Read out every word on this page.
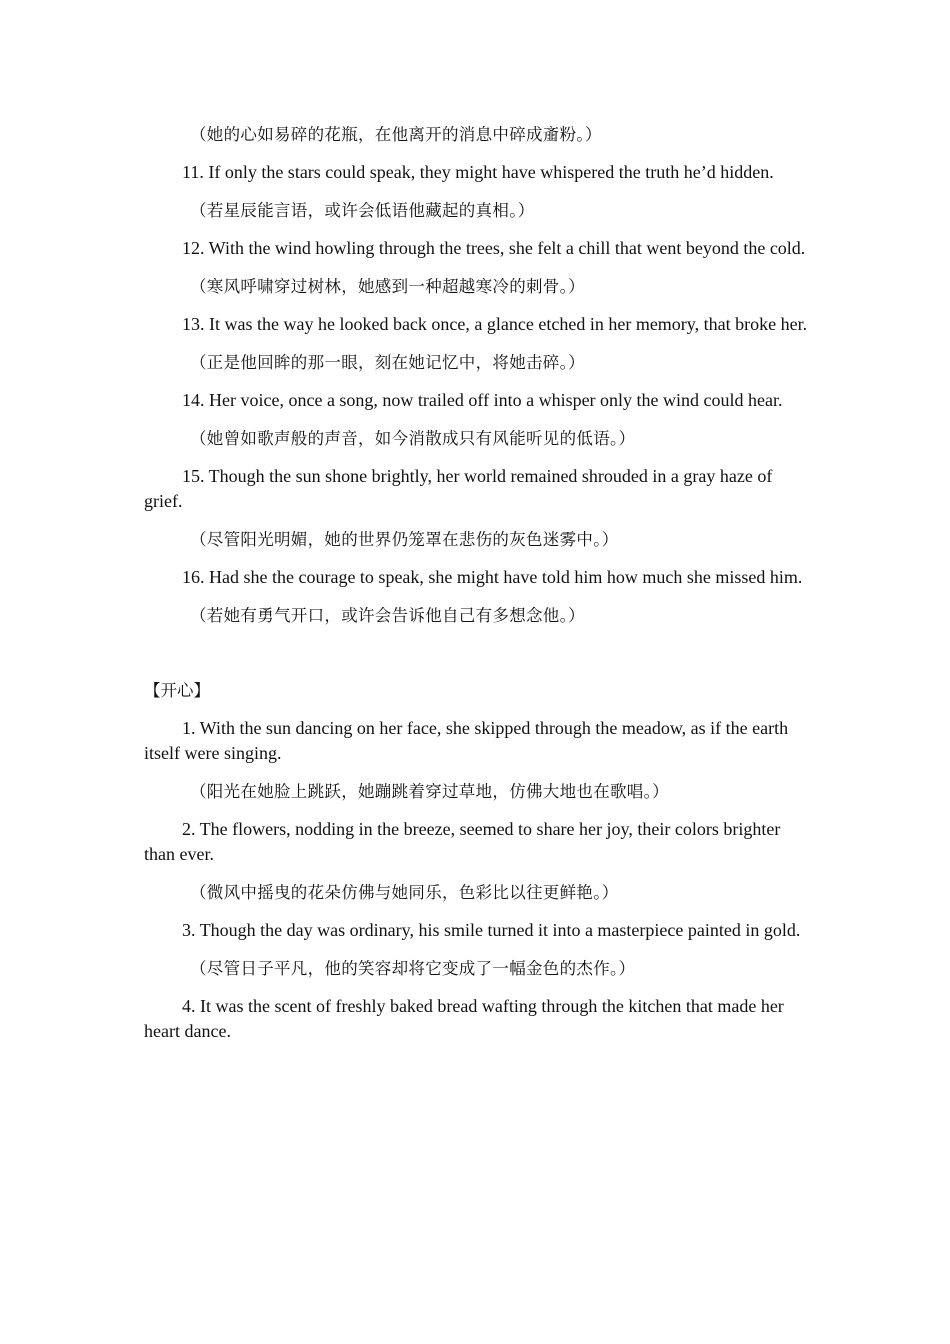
（她的心如易碎的花瓶，在他离开的消息中碎成齑粉。）

11. If only the stars could speak, they might have whispered the truth he’d hidden.

（若星辰能言语，或许会低语他藏起的真相。）

12. With the wind howling through the trees, she felt a chill that went beyond the cold.

（寒风呼啸穿过树林，她感到一种超越寒冷的刺骨。）

13. It was the way he looked back once, a glance etched in her memory, that broke her.

（正是他回眸的那一眼，刻在她记忆中，将她击碎。）

14. Her voice, once a song, now trailed off into a whisper only the wind could hear.

（她曾如歌声般的声音，如今消散成只有风能听见的低语。）

15. Though the sun shone brightly, her world remained shrouded in a gray haze of grief.

（尽管阳光明媚，她的世界仍笼罩在悲伤的灰色迷雾中。）

16. Had she the courage to speak, she might have told him how much she missed him.

（若她有勇气开口，或许会告诉他自己有多想念他。）

【开心】

1. With the sun dancing on her face, she skipped through the meadow, as if the earth itself were singing.

（阳光在她脸上跳跃，她蹦跳着穿过草地，仿佛大地也在歌唱。）

2. The flowers, nodding in the breeze, seemed to share her joy, their colors brighter than ever.

（微风中摇曳的花朵仿佛与她同乐，色彩比以往更鲜艳。）

3. Though the day was ordinary, his smile turned it into a masterpiece painted in gold.

（尽管日子平凡，他的笑容却将它变成了一幅金色的杰作。）

4. It was the scent of freshly baked bread wafting through the kitchen that made her heart dance.
